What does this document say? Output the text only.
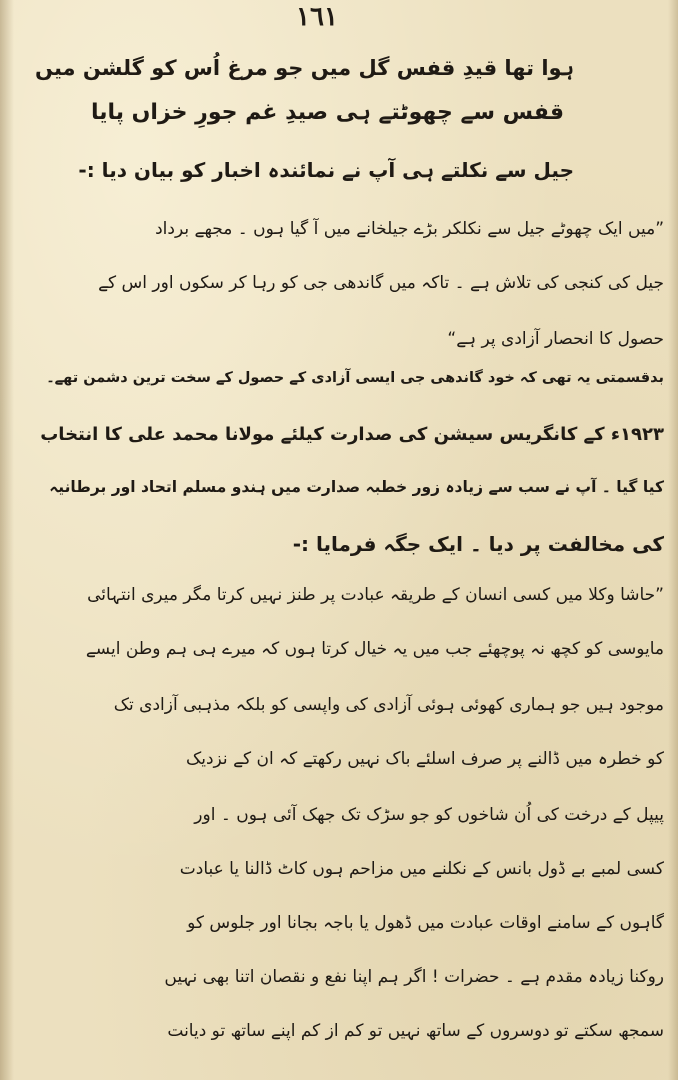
١٦١
ہوا تھا قیدِ قفس گل میں جو مرغ اُس کو گلشن میں
قفس سے چھوٹتے ہی صیدِ غم جورِ خزاں پایا
جیل سے نکلتے ہی آپ نے نمائندہ اخبار کو بیان دیا :-
”میں ایک چھوٹے جیل سے نکلکر بڑے جیلخانے میں آ گیا ہوں ۔ مجھے برداد
جیل کی کنجی کی تلاش ہے ۔ تاکہ میں گاندھی جی کو رہا کر سکوں اور اس کے
حصول کا انحصار آزادی پر ہے“
بدقسمتی یہ تھی کہ خود گاندھی جی ایسی آزادی کے حصول کے سخت ترین دشمن تھے۔
۱۹۲۳ء کے کانگریس سیشن کی صدارت کیلئے مولانا محمد علی کا انتخاب
کیا گیا ۔ آپ نے سب سے زیادہ زور خطبہ صدارت میں ہندو مسلم اتحاد اور برطانیہ
کی مخالفت پر دیا ۔ ایک جگہ فرمایا :-
”حاشا وکلا میں کسی انسان کے طریقہ عبادت پر طنز نہیں کرتا مگر میری انتہائی
مایوسی کو کچھ نہ پوچھئے جب میں یہ خیال کرتا ہوں کہ میرے ہی ہم وطن ایسے
موجود ہیں جو ہماری کھوئی ہوئی آزادی کی واپسی کو بلکہ مذہبی آزادی تک
کو خطرہ میں ڈالنے پر صرف اسلئے باک نہیں رکھتے کہ ان کے نزدیک
پیپل کے درخت کی اُن شاخوں کو جو سڑک تک جھک آئی ہوں ۔ اور
کسی لمبے بے ڈول بانس کے نکلنے میں مزاحم ہوں کاٹ ڈالنا یا عبادت
گاہوں کے سامنے اوقات عبادت میں ڈھول یا باجہ بجانا اور جلوس کو
روکنا زیادہ مقدم ہے ۔ حضرات ! اگر ہم اپنا نفع و نقصان اتنا بھی نہیں
سمجھ سکتے تو دوسروں کے ساتھ نہیں تو کم از کم اپنے ساتھ تو دیانت
